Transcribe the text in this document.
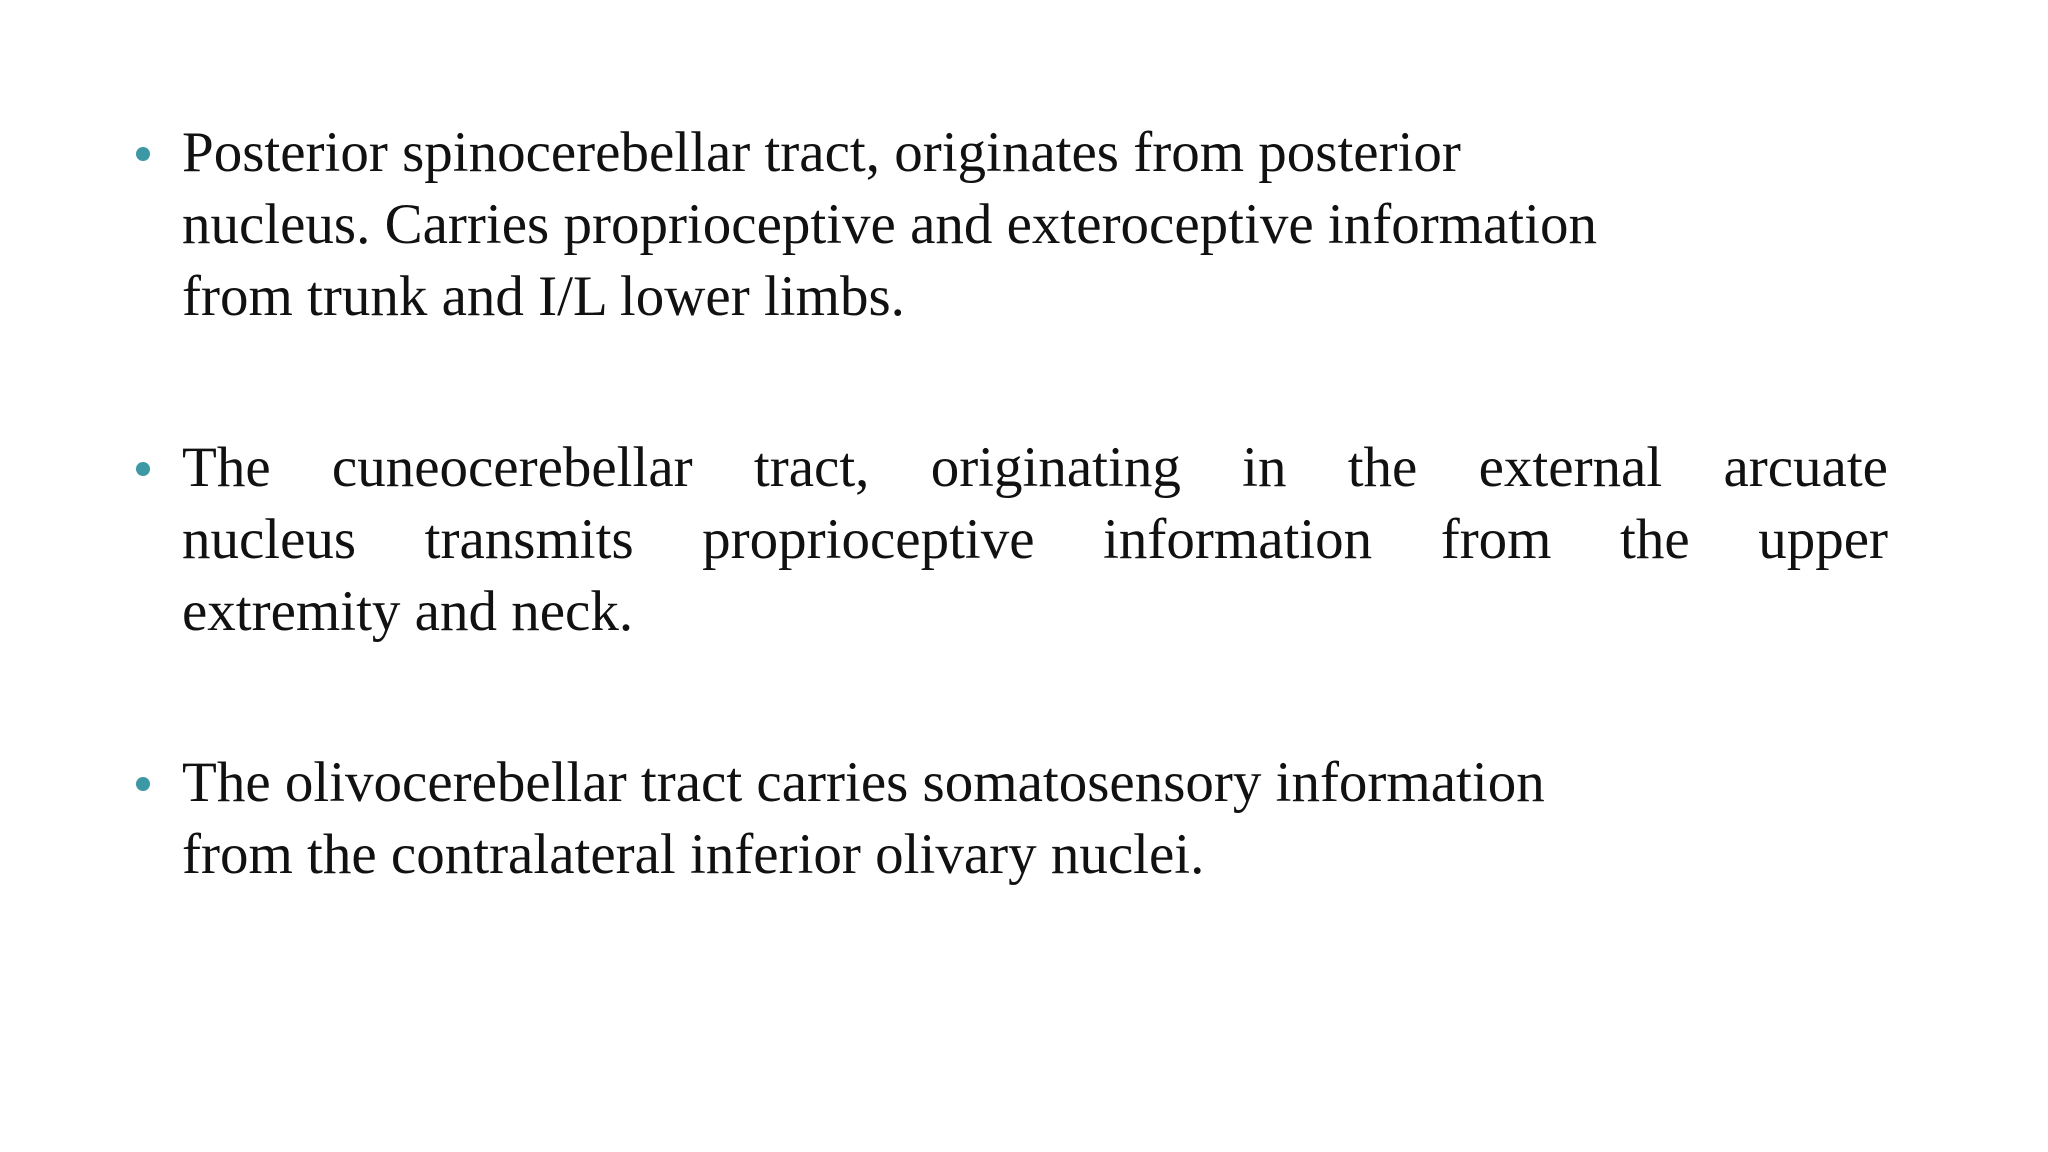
Posterior spinocerebellar tract, originates from posterior
nucleus. Carries proprioceptive and exteroceptive information
from trunk and I/L lower limbs.
The cuneocerebellar tract, originating in the external arcuate
nucleus transmits proprioceptive information from the upper
extremity and neck.
The olivocerebellar tract carries somatosensory information
from the contralateral inferior olivary nuclei.
